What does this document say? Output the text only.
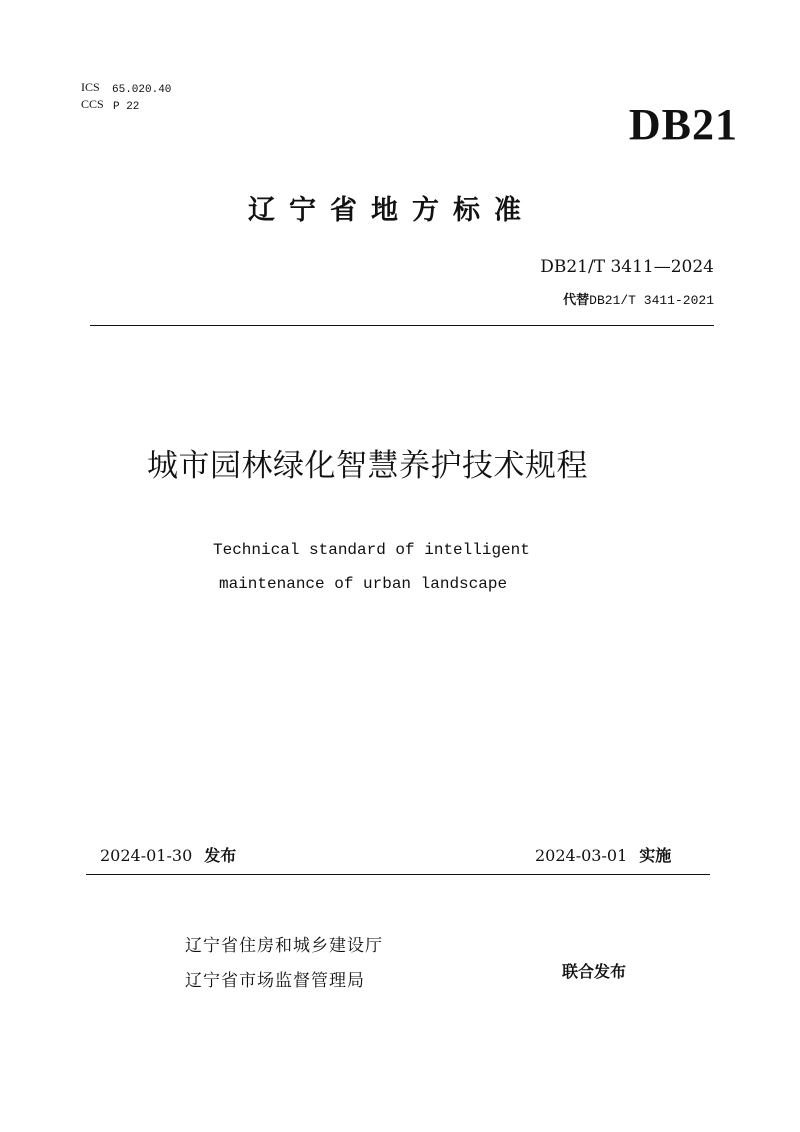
ICS 65.020.40
CCS P 22	DB21
辽宁省地方标准
DB21/T 3411—2024
代替DB21/T 3411-2021
城市园林绿化智慧养护技术规程
Technical standard of intelligent
maintenance of urban landscape
2024-01-30 发布	2024-03-01 实施
辽宁省住房和城乡建设厅
辽宁省市场监督管理局	联合发布
